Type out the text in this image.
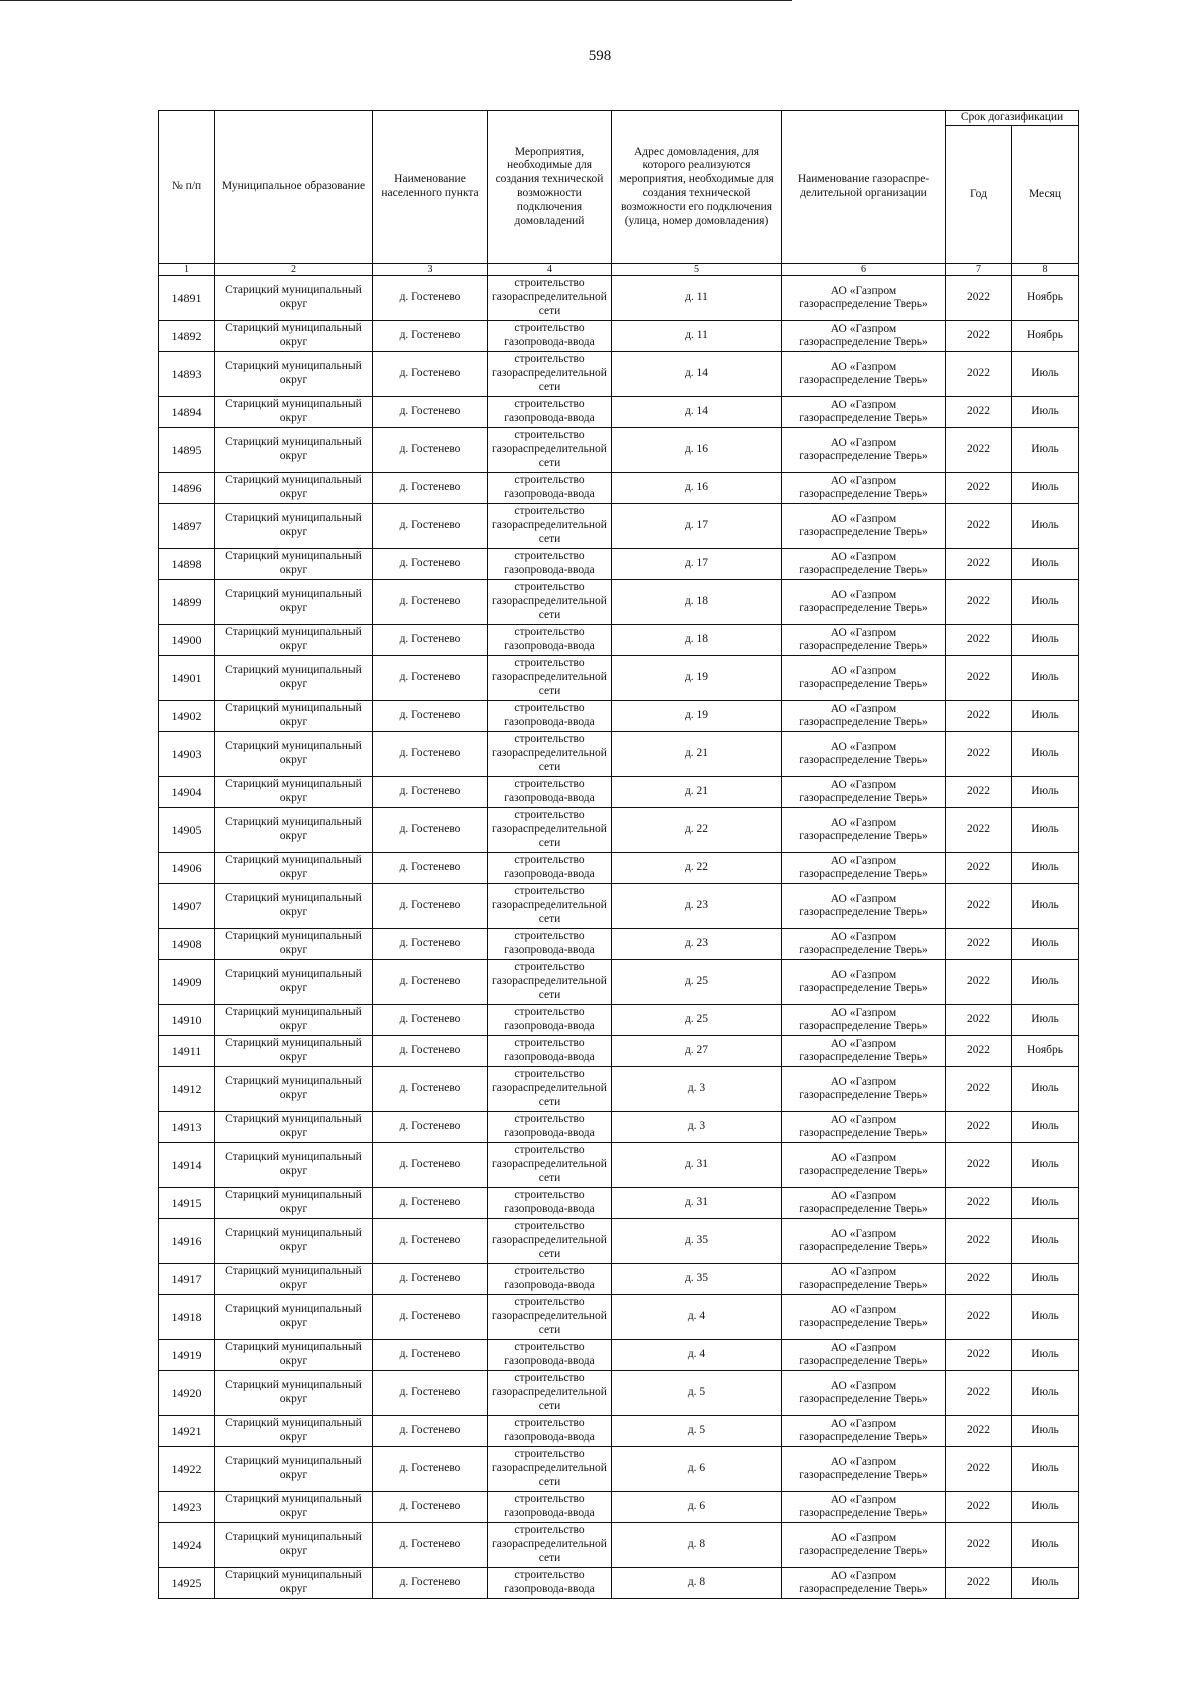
598
№ п/п	Муниципальное образование	Наименование населенного пункта	Мероприятия, необходимые для создания технической возможности подключения домовладений	Адрес домовладения, для которого реализуются мероприятия, необходимые для создания технической возможности его подключения (улица, номер домовладения)	Наименование газораспре-делительной организации	Срок догазификации	
						Год	Месяц
1	2	3	4	5	6	7	8
14891	Старицкий муниципальный округ	д. Гостенево	строительство газораспределительной сети	д. 11	АО «Газпром газораспределение Тверь»	2022	Ноябрь
14892	Старицкий муниципальный округ	д. Гостенево	строительство газопровода-ввода	д. 11	АО «Газпром газораспределение Тверь»	2022	Ноябрь
14893	Старицкий муниципальный округ	д. Гостенево	строительство газораспределительной сети	д. 14	АО «Газпром газораспределение Тверь»	2022	Июль
14894	Старицкий муниципальный округ	д. Гостенево	строительство газопровода-ввода	д. 14	АО «Газпром газораспределение Тверь»	2022	Июль
14895	Старицкий муниципальный округ	д. Гостенево	строительство газораспределительной сети	д. 16	АО «Газпром газораспределение Тверь»	2022	Июль
14896	Старицкий муниципальный округ	д. Гостенево	строительство газопровода-ввода	д. 16	АО «Газпром газораспределение Тверь»	2022	Июль
14897	Старицкий муниципальный округ	д. Гостенево	строительство газораспределительной сети	д. 17	АО «Газпром газораспределение Тверь»	2022	Июль
14898	Старицкий муниципальный округ	д. Гостенево	строительство газопровода-ввода	д. 17	АО «Газпром газораспределение Тверь»	2022	Июль
14899	Старицкий муниципальный округ	д. Гостенево	строительство газораспределительной сети	д. 18	АО «Газпром газораспределение Тверь»	2022	Июль
14900	Старицкий муниципальный округ	д. Гостенево	строительство газопровода-ввода	д. 18	АО «Газпром газораспределение Тверь»	2022	Июль
14901	Старицкий муниципальный округ	д. Гостенево	строительство газораспределительной сети	д. 19	АО «Газпром газораспределение Тверь»	2022	Июль
14902	Старицкий муниципальный округ	д. Гостенево	строительство газопровода-ввода	д. 19	АО «Газпром газораспределение Тверь»	2022	Июль
14903	Старицкий муниципальный округ	д. Гостенево	строительство газораспределительной сети	д. 21	АО «Газпром газораспределение Тверь»	2022	Июль
14904	Старицкий муниципальный округ	д. Гостенево	строительство газопровода-ввода	д. 21	АО «Газпром газораспределение Тверь»	2022	Июль
14905	Старицкий муниципальный округ	д. Гостенево	строительство газораспределительной сети	д. 22	АО «Газпром газораспределение Тверь»	2022	Июль
14906	Старицкий муниципальный округ	д. Гостенево	строительство газопровода-ввода	д. 22	АО «Газпром газораспределение Тверь»	2022	Июль
14907	Старицкий муниципальный округ	д. Гостенево	строительство газораспределительной сети	д. 23	АО «Газпром газораспределение Тверь»	2022	Июль
14908	Старицкий муниципальный округ	д. Гостенево	строительство газопровода-ввода	д. 23	АО «Газпром газораспределение Тверь»	2022	Июль
14909	Старицкий муниципальный округ	д. Гостенево	строительство газораспределительной сети	д. 25	АО «Газпром газораспределение Тверь»	2022	Июль
14910	Старицкий муниципальный округ	д. Гостенево	строительство газопровода-ввода	д. 25	АО «Газпром газораспределение Тверь»	2022	Июль
14911	Старицкий муниципальный округ	д. Гостенево	строительство газопровода-ввода	д. 27	АО «Газпром газораспределение Тверь»	2022	Ноябрь
14912	Старицкий муниципальный округ	д. Гостенево	строительство газораспределительной сети	д. 3	АО «Газпром газораспределение Тверь»	2022	Июль
14913	Старицкий муниципальный округ	д. Гостенево	строительство газопровода-ввода	д. 3	АО «Газпром газораспределение Тверь»	2022	Июль
14914	Старицкий муниципальный округ	д. Гостенево	строительство газораспределительной сети	д. 31	АО «Газпром газораспределение Тверь»	2022	Июль
14915	Старицкий муниципальный округ	д. Гостенево	строительство газопровода-ввода	д. 31	АО «Газпром газораспределение Тверь»	2022	Июль
14916	Старицкий муниципальный округ	д. Гостенево	строительство газораспределительной сети	д. 35	АО «Газпром газораспределение Тверь»	2022	Июль
14917	Старицкий муниципальный округ	д. Гостенево	строительство газопровода-ввода	д. 35	АО «Газпром газораспределение Тверь»	2022	Июль
14918	Старицкий муниципальный округ	д. Гостенево	строительство газораспределительной сети	д. 4	АО «Газпром газораспределение Тверь»	2022	Июль
14919	Старицкий муниципальный округ	д. Гостенево	строительство газопровода-ввода	д. 4	АО «Газпром газораспределение Тверь»	2022	Июль
14920	Старицкий муниципальный округ	д. Гостенево	строительство газораспределительной сети	д. 5	АО «Газпром газораспределение Тверь»	2022	Июль
14921	Старицкий муниципальный округ	д. Гостенево	строительство газопровода-ввода	д. 5	АО «Газпром газораспределение Тверь»	2022	Июль
14922	Старицкий муниципальный округ	д. Гостенево	строительство газораспределительной сети	д. 6	АО «Газпром газораспределение Тверь»	2022	Июль
14923	Старицкий муниципальный округ	д. Гостенево	строительство газопровода-ввода	д. 6	АО «Газпром газораспределение Тверь»	2022	Июль
14924	Старицкий муниципальный округ	д. Гостенево	строительство газораспределительной сети	д. 8	АО «Газпром газораспределение Тверь»	2022	Июль
14925	Старицкий муниципальный округ	д. Гостенево	строительство газопровода-ввода	д. 8	АО «Газпром газораспределение Тверь»	2022	Июль
